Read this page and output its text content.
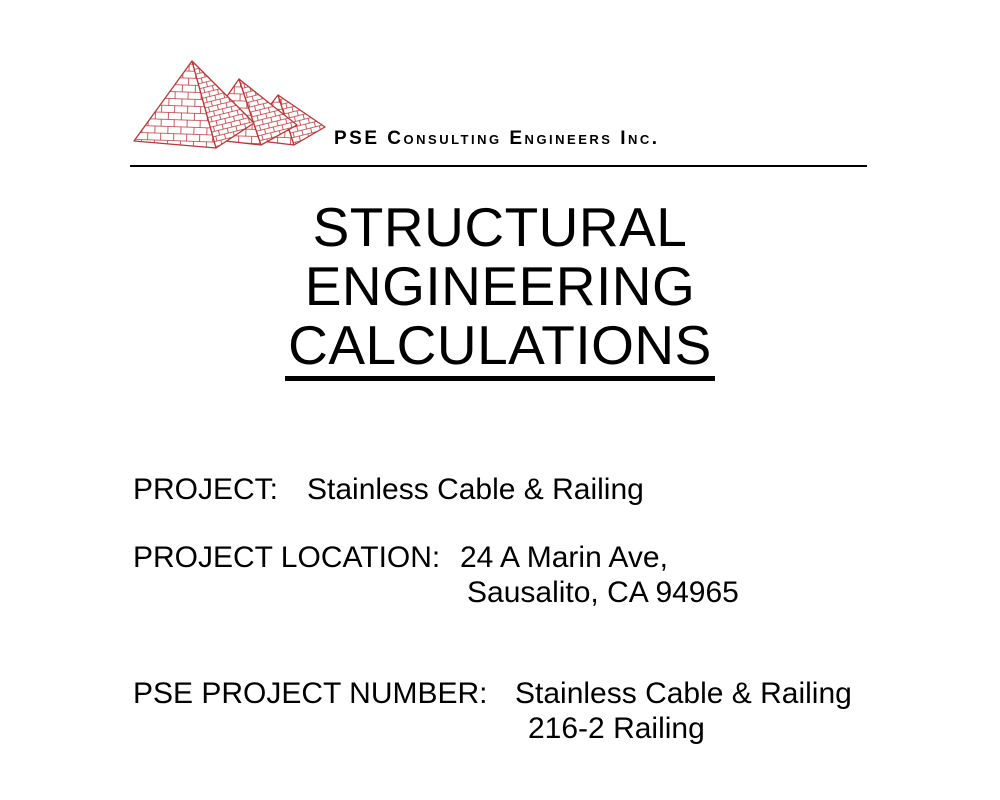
PSE Consulting Engineers Inc.
STRUCTURAL
ENGINEERING
CALCULATIONS
PROJECT: Stainless Cable & Railing
PROJECT LOCATION: 24 A Marin Ave,
Sausalito, CA 94965
PSE PROJECT NUMBER: Stainless Cable & Railing
216-2 Railing
